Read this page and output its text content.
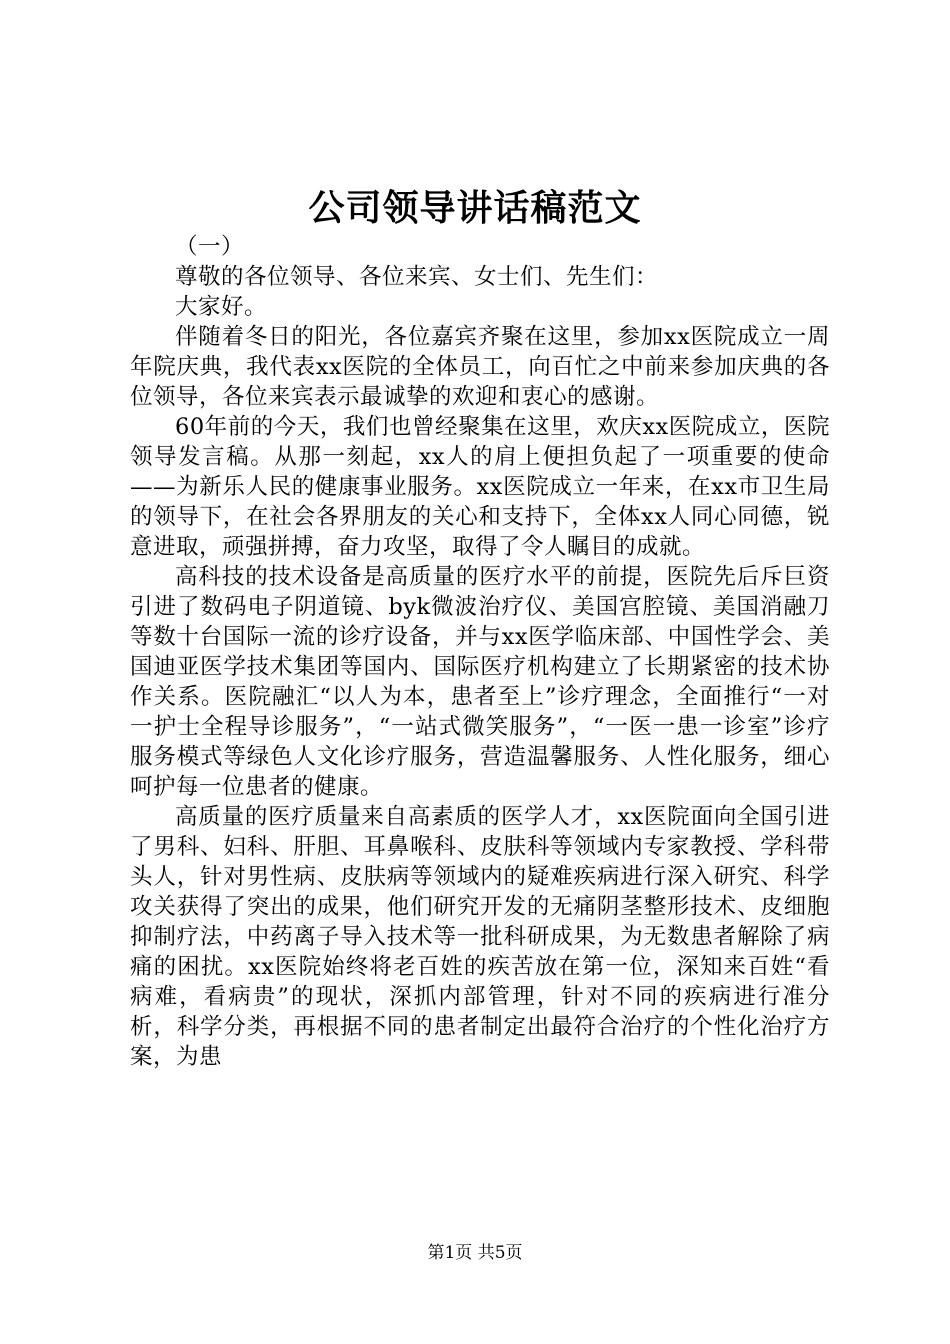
公司领导讲话稿范文

（一）

尊敬的各位领导、各位来宾、女士们、先生们：

大家好。

伴随着冬日的阳光，各位嘉宾齐聚在这里，参加xx医院成立一周年院庆典，我代表xx医院的全体员工，向百忙之中前来参加庆典的各位领导，各位来宾表示最诚挚的欢迎和衷心的感谢。

60年前的今天，我们也曾经聚集在这里，欢庆xx医院成立，医院领导发言稿。从那一刻起，xx人的肩上便担负起了一项重要的使命——为新乐人民的健康事业服务。xx医院成立一年来，在xx市卫生局的领导下，在社会各界朋友的关心和支持下，全体xx人同心同德，锐意进取，顽强拼搏，奋力攻坚，取得了令人瞩目的成就。

高科技的技术设备是高质量的医疗水平的前提，医院先后斥巨资引进了数码电子阴道镜、byk微波治疗仪、美国宫腔镜、美国消融刀等数十台国际一流的诊疗设备，并与xx医学临床部、中国性学会、美国迪亚医学技术集团等国内、国际医疗机构建立了长期紧密的技术协作关系。医院融汇“以人为本，患者至上”诊疗理念，全面推行“一对一护士全程导诊服务”，“一站式微笑服务”，“一医一患一诊室”诊疗服务模式等绿色人文化诊疗服务，营造温馨服务、人性化服务，细心呵护每一位患者的健康。

高质量的医疗质量来自高素质的医学人才，xx医院面向全国引进了男科、妇科、肝胆、耳鼻喉科、皮肤科等领域内专家教授、学科带头人，针对男性病、皮肤病等领域内的疑难疾病进行深入研究、科学攻关获得了突出的成果，他们研究开发的无痛阴茎整形技术、皮细胞抑制疗法，中药离子导入技术等一批科研成果，为无数患者解除了病痛的困扰。xx医院始终将老百姓的疾苦放在第一位，深知来百姓“看病难，看病贵”的现状，深抓内部管理，针对不同的疾病进行准分析，科学分类，再根据不同的患者制定出最符合治疗的个性化治疗方案，为患

第1页 共5页
